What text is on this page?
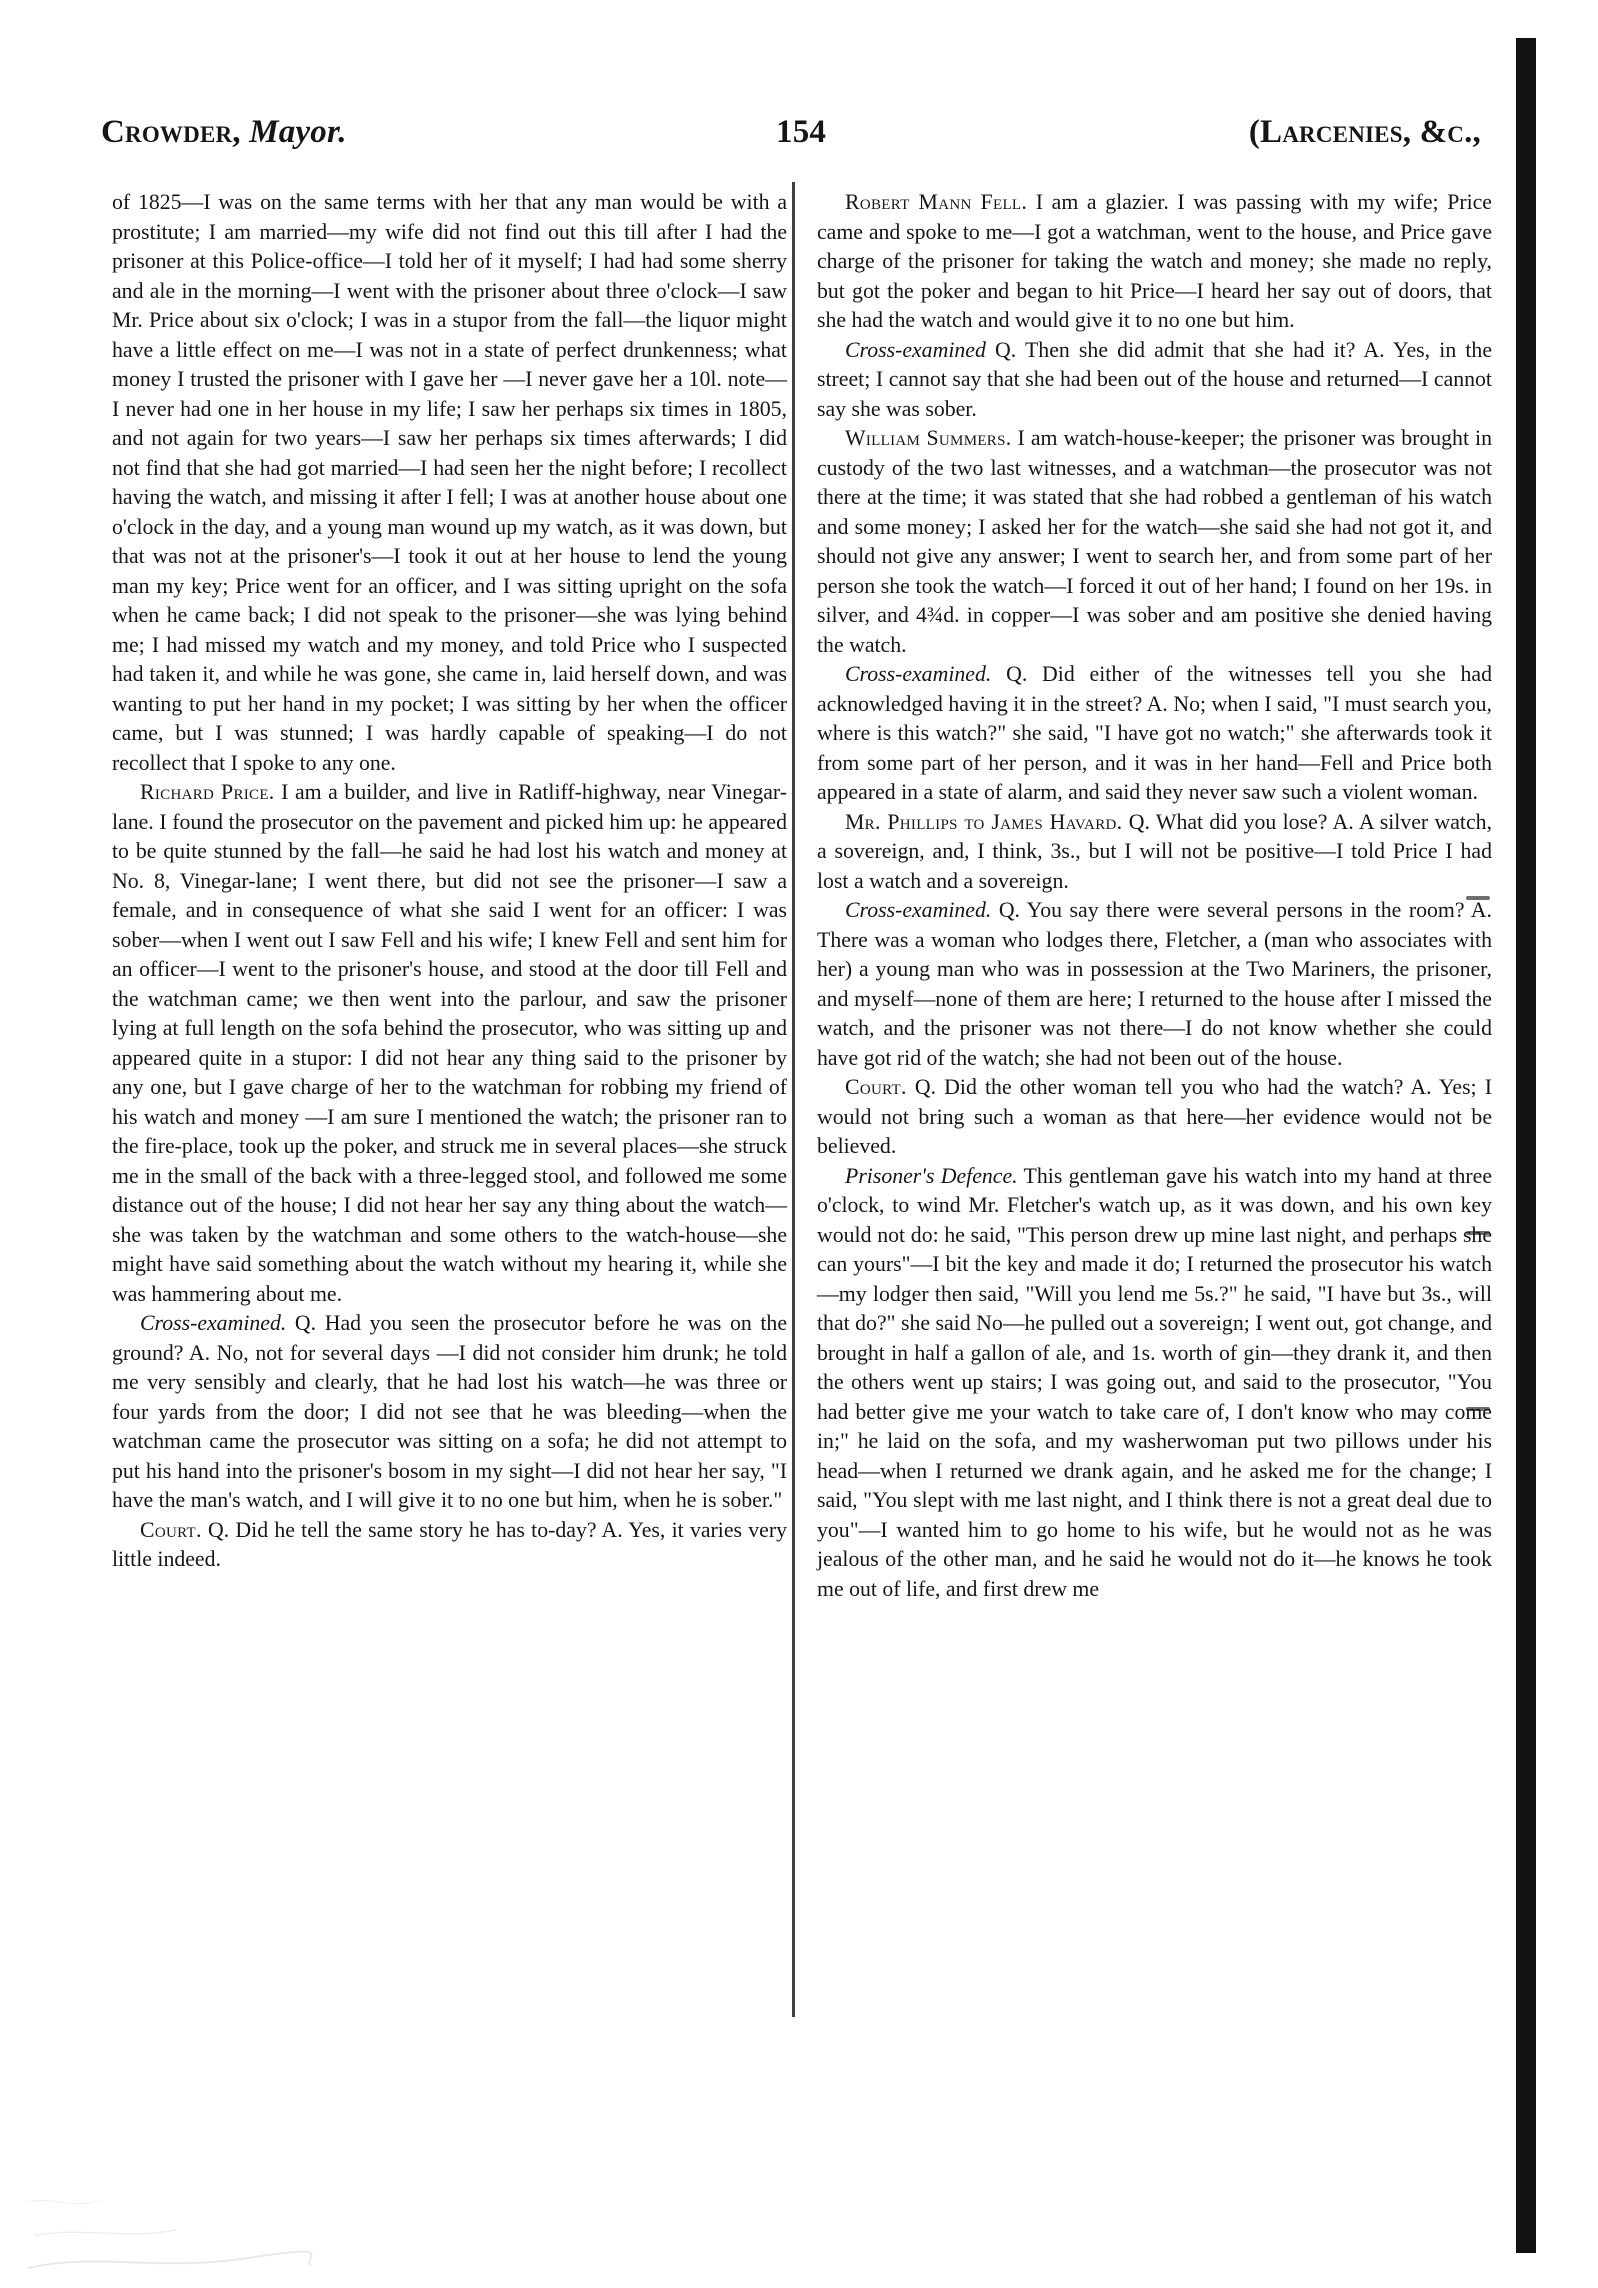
Crowder, Mayor.	154	(Larcenies, &c.,

of 1825—I was on the same terms with her that any man would be with a prostitute; I am married—my wife did not find out this till after I had the prisoner at this Police-office—I told her of it myself; I had had some sherry and ale in the morning—I went with the prisoner about three o'clock—I saw Mr. Price about six o'clock; I was in a stupor from the fall—the liquor might have a little effect on me—I was not in a state of perfect drunkenness; what money I trusted the prisoner with I gave her —I never gave her a 10l. note—I never had one in her house in my life; I saw her perhaps six times in 1805, and not again for two years—I saw her perhaps six times afterwards; I did not find that she had got married—I had seen her the night before; I recollect having the watch, and missing it after I fell; I was at another house about one o'clock in the day, and a young man wound up my watch, as it was down, but that was not at the prisoner's—I took it out at her house to lend the young man my key; Price went for an officer, and I was sitting upright on the sofa when he came back; I did not speak to the prisoner—she was lying behind me; I had missed my watch and my money, and told Price who I suspected had taken it, and while he was gone, she came in, laid herself down, and was wanting to put her hand in my pocket; I was sitting by her when the officer came, but I was stunned; I was hardly capable of speaking—I do not recollect that I spoke to any one.

Richard Price. I am a builder, and live in Ratliff-highway, near Vinegar-lane. I found the prosecutor on the pavement and picked him up: he appeared to be quite stunned by the fall—he said he had lost his watch and money at No. 8, Vinegar-lane; I went there, but did not see the prisoner—I saw a female, and in consequence of what she said I went for an officer: I was sober—when I went out I saw Fell and his wife; I knew Fell and sent him for an officer—I went to the prisoner's house, and stood at the door till Fell and the watchman came; we then went into the parlour, and saw the prisoner lying at full length on the sofa behind the prosecutor, who was sitting up and appeared quite in a stupor: I did not hear any thing said to the prisoner by any one, but I gave charge of her to the watchman for robbing my friend of his watch and money —I am sure I mentioned the watch; the prisoner ran to the fire-place, took up the poker, and struck me in several places—she struck me in the small of the back with a three-legged stool, and followed me some distance out of the house; I did not hear her say any thing about the watch—she was taken by the watchman and some others to the watch-house—she might have said something about the watch without my hearing it, while she was hammering about me.

Cross-examined. Q. Had you seen the prosecutor before he was on the ground? A. No, not for several days —I did not consider him drunk; he told me very sensibly and clearly, that he had lost his watch—he was three or four yards from the door; I did not see that he was bleeding—when the watchman came the prosecutor was sitting on a sofa; he did not attempt to put his hand into the prisoner's bosom in my sight—I did not hear her say, "I have the man's watch, and I will give it to no one but him, when he is sober."

Court. Q. Did he tell the same story he has to-day? A. Yes, it varies very little indeed.

Robert Mann Fell. I am a glazier. I was passing with my wife; Price came and spoke to me—I got a watchman, went to the house, and Price gave charge of the prisoner for taking the watch and money; she made no reply, but got the poker and began to hit Price—I heard her say out of doors, that she had the watch and would give it to no one but him.

Cross-examined Q. Then she did admit that she had it? A. Yes, in the street; I cannot say that she had been out of the house and returned—I cannot say she was sober.

William Summers. I am watch-house-keeper; the prisoner was brought in custody of the two last witnesses, and a watchman—the prosecutor was not there at the time; it was stated that she had robbed a gentleman of his watch and some money; I asked her for the watch—she said she had not got it, and should not give any answer; I went to search her, and from some part of her person she took the watch—I forced it out of her hand; I found on her 19s. in silver, and 4¾d. in copper—I was sober and am positive she denied having the watch.

Cross-examined. Q. Did either of the witnesses tell you she had acknowledged having it in the street? A. No; when I said, "I must search you, where is this watch?" she said, "I have got no watch;" she afterwards took it from some part of her person, and it was in her hand—Fell and Price both appeared in a state of alarm, and said they never saw such a violent woman.

Mr. Phillips to James Havard. Q. What did you lose? A. A silver watch, a sovereign, and, I think, 3s., but I will not be positive—I told Price I had lost a watch and a sovereign.

Cross-examined. Q. You say there were several persons in the room? A. There was a woman who lodges there, Fletcher, a (man who associates with her) a young man who was in possession at the Two Mariners, the prisoner, and myself—none of them are here; I returned to the house after I missed the watch, and the prisoner was not there—I do not know whether she could have got rid of the watch; she had not been out of the house.

Court. Q. Did the other woman tell you who had the watch? A. Yes; I would not bring such a woman as that here—her evidence would not be believed.

Prisoner's Defence. This gentleman gave his watch into my hand at three o'clock, to wind Mr. Fletcher's watch up, as it was down, and his own key would not do: he said, "This person drew up mine last night, and perhaps she can yours"—I bit the key and made it do; I returned the prosecutor his watch—my lodger then said, "Will you lend me 5s.?" he said, "I have but 3s., will that do?" she said No—he pulled out a sovereign; I went out, got change, and brought in half a gallon of ale, and 1s. worth of gin—they drank it, and then the others went up stairs; I was going out, and said to the prosecutor, "You had better give me your watch to take care of, I don't know who may come in;" he laid on the sofa, and my washerwoman put two pillows under his head—when I returned we drank again, and he asked me for the change; I said, "You slept with me last night, and I think there is not a great deal due to you"—I wanted him to go home to his wife, but he would not as he was jealous of the other man, and he said he would not do it—he knows he took me out of life, and first drew me
